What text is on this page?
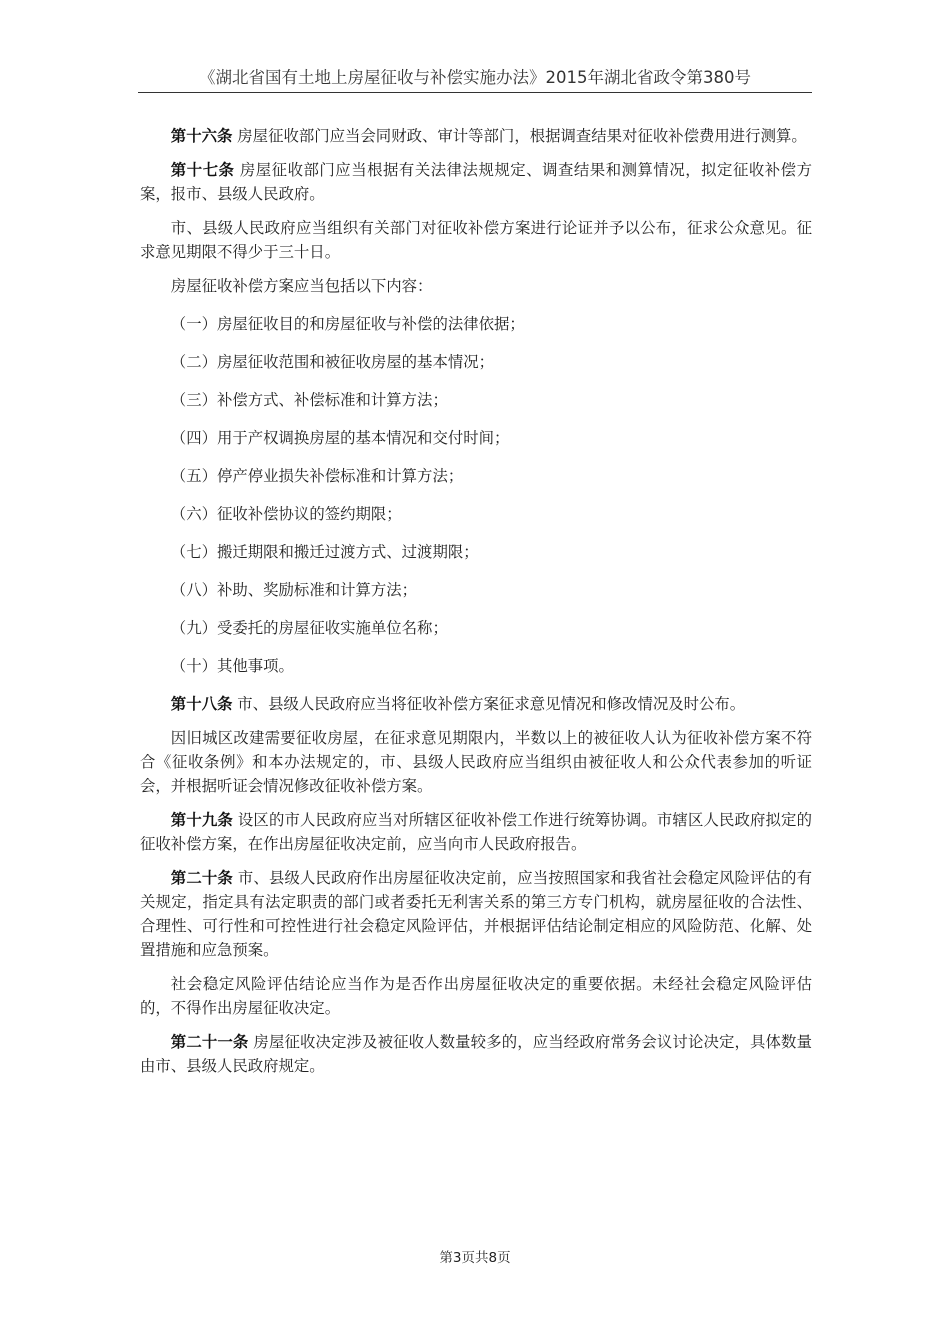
《湖北省国有土地上房屋征收与补偿实施办法》2015年湖北省政令第380号

第十六条 房屋征收部门应当会同财政、审计等部门，根据调查结果对征收补偿费用进行测算。

第十七条 房屋征收部门应当根据有关法律法规规定、调查结果和测算情况，拟定征收补偿方案，报市、县级人民政府。

市、县级人民政府应当组织有关部门对征收补偿方案进行论证并予以公布，征求公众意见。征求意见期限不得少于三十日。

房屋征收补偿方案应当包括以下内容：

（一）房屋征收目的和房屋征收与补偿的法律依据；

（二）房屋征收范围和被征收房屋的基本情况；

（三）补偿方式、补偿标准和计算方法；

（四）用于产权调换房屋的基本情况和交付时间；

（五）停产停业损失补偿标准和计算方法；

（六）征收补偿协议的签约期限；

（七）搬迁期限和搬迁过渡方式、过渡期限；

（八）补助、奖励标准和计算方法；

（九）受委托的房屋征收实施单位名称；

（十）其他事项。

第十八条 市、县级人民政府应当将征收补偿方案征求意见情况和修改情况及时公布。

因旧城区改建需要征收房屋，在征求意见期限内，半数以上的被征收人认为征收补偿方案不符合《征收条例》和本办法规定的，市、县级人民政府应当组织由被征收人和公众代表参加的听证会，并根据听证会情况修改征收补偿方案。

第十九条 设区的市人民政府应当对所辖区征收补偿工作进行统筹协调。市辖区人民政府拟定的征收补偿方案，在作出房屋征收决定前，应当向市人民政府报告。

第二十条 市、县级人民政府作出房屋征收决定前，应当按照国家和我省社会稳定风险评估的有关规定，指定具有法定职责的部门或者委托无利害关系的第三方专门机构，就房屋征收的合法性、合理性、可行性和可控性进行社会稳定风险评估，并根据评估结论制定相应的风险防范、化解、处置措施和应急预案。

社会稳定风险评估结论应当作为是否作出房屋征收决定的重要依据。未经社会稳定风险评估的，不得作出房屋征收决定。

第二十一条 房屋征收决定涉及被征收人数量较多的，应当经政府常务会议讨论决定，具体数量由市、县级人民政府规定。

第3页共8页
